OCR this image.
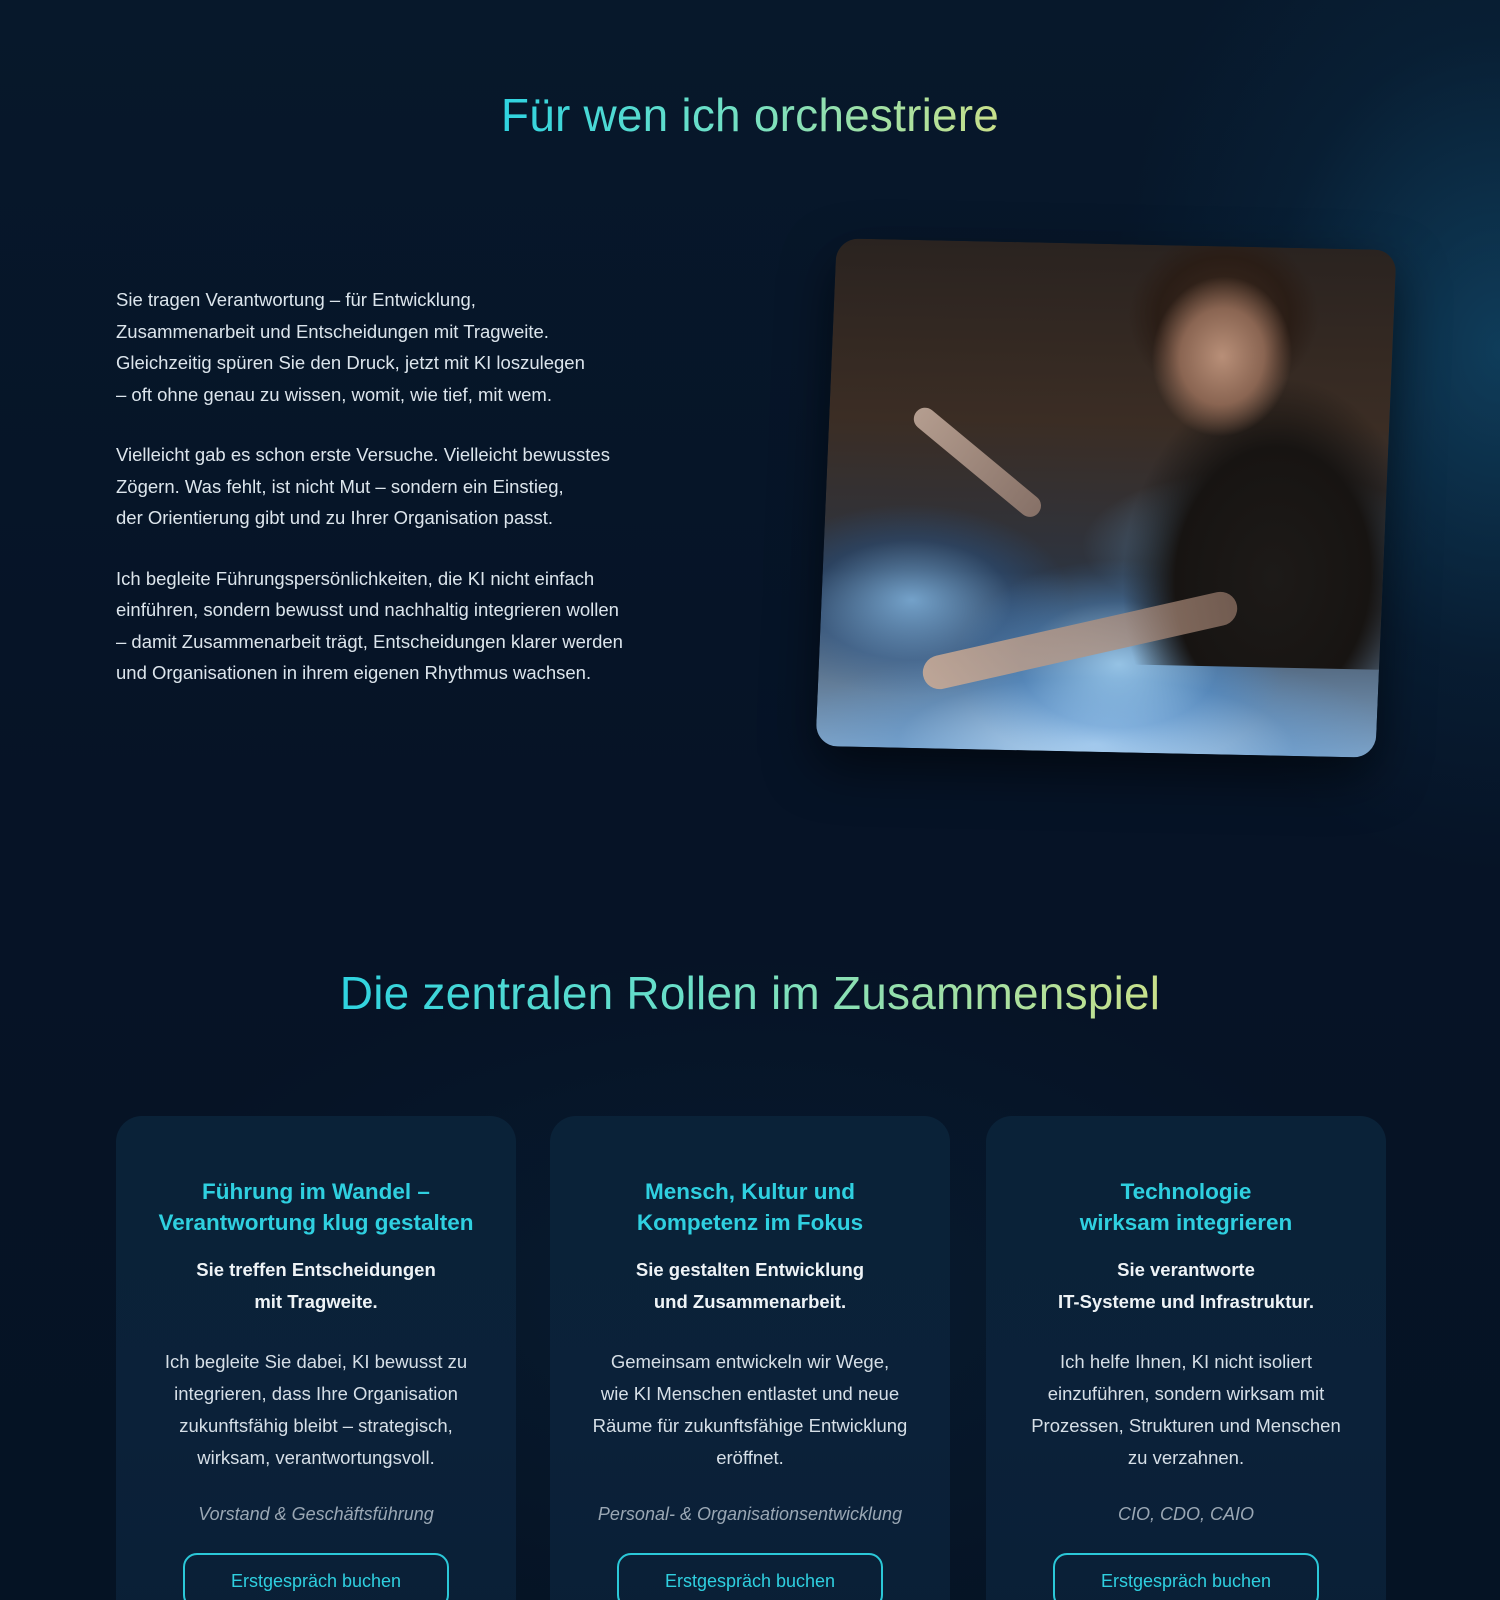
Für wen ich orchestriere

Sie tragen Verantwortung – für Entwicklung,
Zusammenarbeit und Entscheidungen mit Tragweite.
Gleichzeitig spüren Sie den Druck, jetzt mit KI loszulegen
– oft ohne genau zu wissen, womit, wie tief, mit wem.

Vielleicht gab es schon erste Versuche. Vielleicht bewusstes
Zögern. Was fehlt, ist nicht Mut – sondern ein Einstieg,
der Orientierung gibt und zu Ihrer Organisation passt.

Ich begleite Führungspersönlichkeiten, die KI nicht einfach
einführen, sondern bewusst und nachhaltig integrieren wollen
– damit Zusammenarbeit trägt, Entscheidungen klarer werden
und Organisationen in ihrem eigenen Rhythmus wachsen.

Die zentralen Rollen im Zusammenspiel
Führung im Wandel –
Verantwortung klug gestalten

Sie treffen Entscheidungen
mit Tragweite.

Ich begleite Sie dabei, KI bewusst zu
integrieren, dass Ihre Organisation
zukunftsfähig bleibt – strategisch,
wirksam, verantwortungsvoll.

Vorstand & Geschäftsführung

Erstgespräch buchen
Mensch, Kultur und
Kompetenz im Fokus

Sie gestalten Entwicklung
und Zusammenarbeit.

Gemeinsam entwickeln wir Wege,
wie KI Menschen entlastet und neue
Räume für zukunftsfähige Entwicklung
eröffnet.

Personal- & Organisationsentwicklung

Erstgespräch buchen
Technologie
wirksam integrieren

Sie verantworte
IT-Systeme und Infrastruktur.

Ich helfe Ihnen, KI nicht isoliert
einzuführen, sondern wirksam mit
Prozessen, Strukturen und Menschen
zu verzahnen.

CIO, CDO, CAIO

Erstgespräch buchen
